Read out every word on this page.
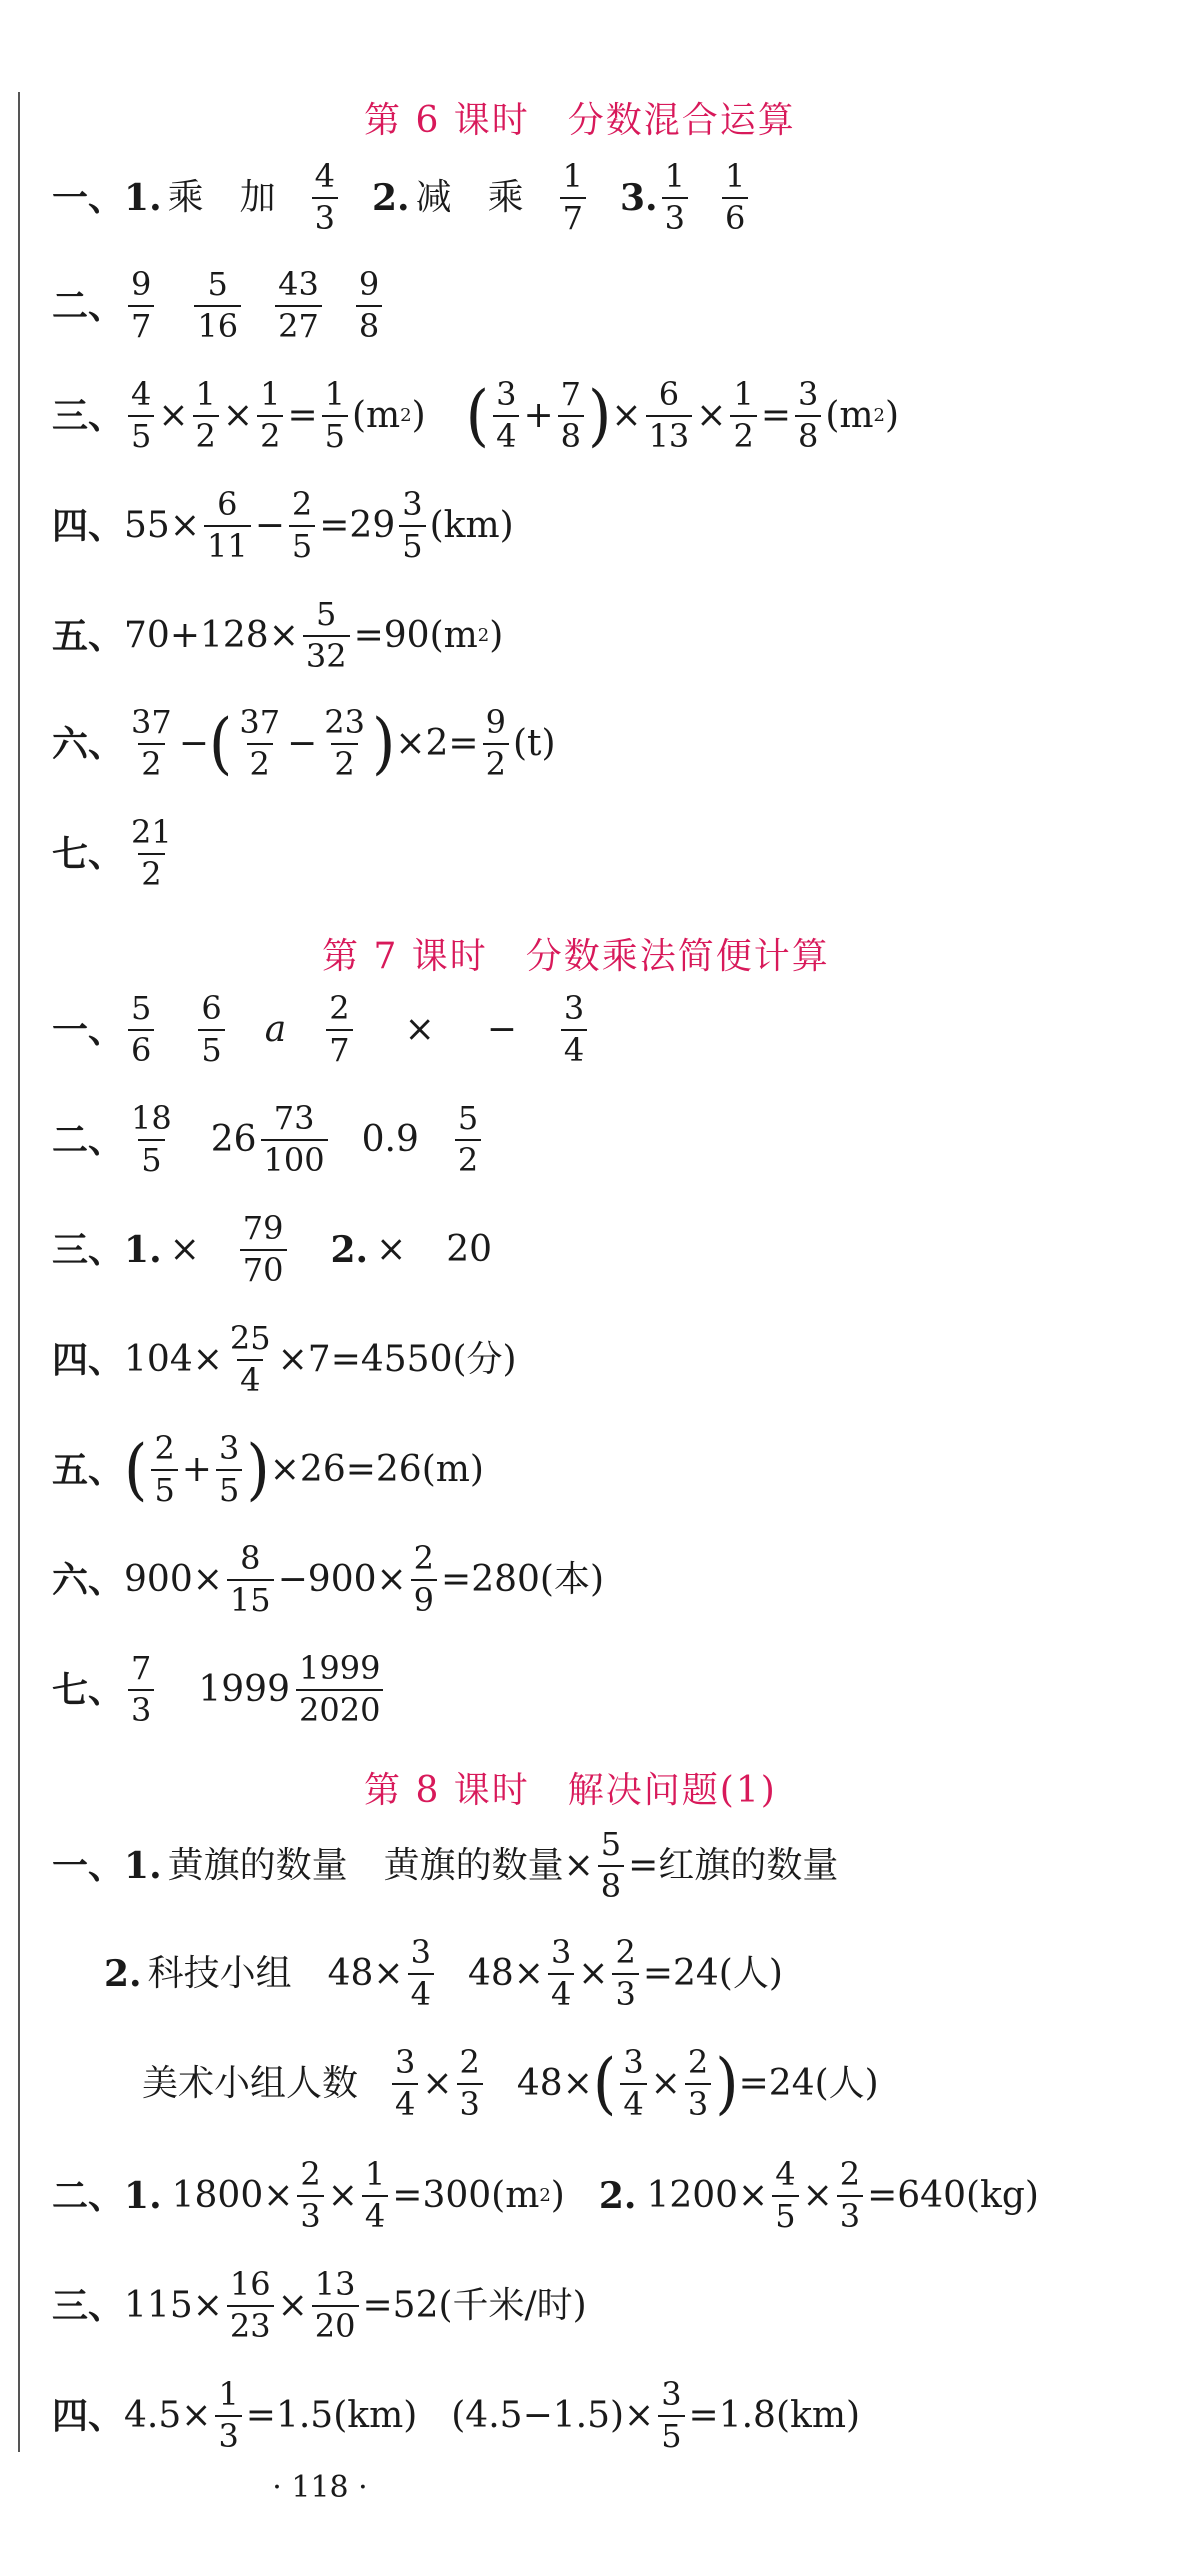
第 6 课时　分数混合运算
一、 1. 乘 加 $\frac{4}{3} 2$. 减 乘 $\frac{1}{7} 3$. $\frac{1}{3} \frac{1}{6}$
二、 $\frac{9}{7} \frac{5}{16} \frac{43}{27} \frac{9}{8}$
三、 $\frac{4}{5} \times \frac{1}{2} \times \frac{1}{2} = \frac{1}{5} (m$ 2 ) ( $\frac{3}{4} + \frac{7}{8}$ ) × $\frac{6}{13} \times \frac{1}{2} = \frac{3}{8} (m$ 2 )
四、 $55\times \frac{6}{11} - \frac{2}{5} =29 \frac{3}{5} (km)$
五、 $70+128\times \frac{5}{32} =90(m$ 2 )
六、 $\frac{37}{2}$ − ( $\frac{37}{2} - \frac{23}{2}$ ) $\times 2= \frac{9}{2} (t)$
七、 $\frac{21}{2}$
第 7 课时　分数乘法简便计算
一、 $\frac{5}{6} \frac{6}{5}$ a $\frac{2}{7}$ × − $\frac{3}{4}$
二、 $\frac{18}{5} 26 \frac{73}{100} 0.9 \frac{5}{2}$
三、 1. × $\frac{79}{70} 2$. × 20
四、 $104\times \frac{25}{4} \times 7=4550$(分)
五、 ( $\frac{2}{5} + \frac{3}{5}$ ) ×26=26(m)
六、 $900\times \frac{8}{15} -900\times \frac{2}{9} =280$(本)
七、 $\frac{7}{3} 1999 \frac{1999}{2020}$
第 8 课时　解决问题(1)
一、 1. 黄旗的数量 黄旗的数量× $\frac{5}{8}$ =红旗的数量
2. 科技小组 $48\times \frac{3}{4} 48\times \frac{3}{4} \times \frac{2}{3} =24$(人)
美术小组人数 $\frac{3}{4} \times \frac{2}{3} 48\times$ ( $\frac{3}{4} \times \frac{2}{3}$ ) =24(人)
二、 1. $1800\times \frac{2}{3} \times \frac{1}{4} =300(m$ 2 ) 2. $1200\times \frac{4}{5} \times \frac{2}{3} =640(kg)$
三、 $115\times \frac{16}{23} \times \frac{13}{20} =52$(千米/时)
四、 $4.5\times \frac{1}{3} =1.5(km)$ $(4.5-1.5)\times \frac{3}{5} =1.8(km)$
· 118 ·
